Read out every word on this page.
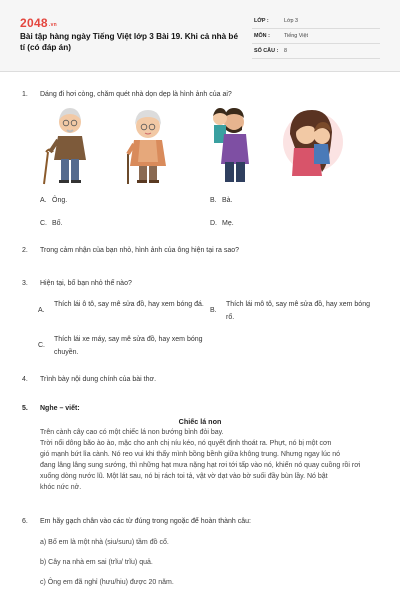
2048.vn
Bài tập hàng ngày Tiếng Việt lớp 3 Bài 19. Khi cả nhà bé tí (có đáp án)
LỚP :	Lớp 3
MÔN :	Tiếng Việt
SỐ CÂU : 8
1. Dáng đi hơi còng, chăm quét nhà dọn dẹp là hình ảnh của ai?
A. Ông.	B. Bà.
C. Bố.	D. Mẹ.
2. Trong cảm nhận của bạn nhỏ, hình ảnh của ông hiện tại ra sao?
3. Hiện tại, bố bạn nhỏ thế nào?
A.
Thích lái ô tô, say mê sửa đồ, hay xem bóng đá.
B.
Thích lái mô tô, say mê sửa đồ, hay xem bóng rổ.
C.
Thích lái xe máy, say mê sửa đồ, hay xem bóng chuyền.
4. Trình bày nội dung chính của bài thơ.
5. Nghe – viết:
Chiếc lá non
Trên cành cây cao có một chiếc lá non bướng bỉnh đỏi bay.
Trời nổi dông bão ào ào, mặc cho anh chị níu kéo, nó quyết định thoát ra. Phựt, nó bị một cơn
gió mạnh bứt lìa cành. Nó reo vui khi thấy mình bồng bềnh giữa không trung. Nhưng ngay lúc nó
đang lâng lâng sung sướng, thì những hạt mưa nặng hạt rơi tới tấp vào nó, khiến nó quay cuồng rồi rơi
xuống dòng nước lũ. Một lát sau, nó bị rách toi tả, vật vờ dạt vào bờ suối đầy bùn lầy. Nó bật
khóc nức nở.
6. Em hãy gạch chân vào các từ đúng trong ngoặc để hoàn thành câu:
a) Bố em là một nhà (siu/suru) tầm đồ cổ.
b) Cây na nhà em sai (trĩu/ trĩu) quả.
c) Ông em đã nghỉ (hưu/hiu) được 20 năm.
